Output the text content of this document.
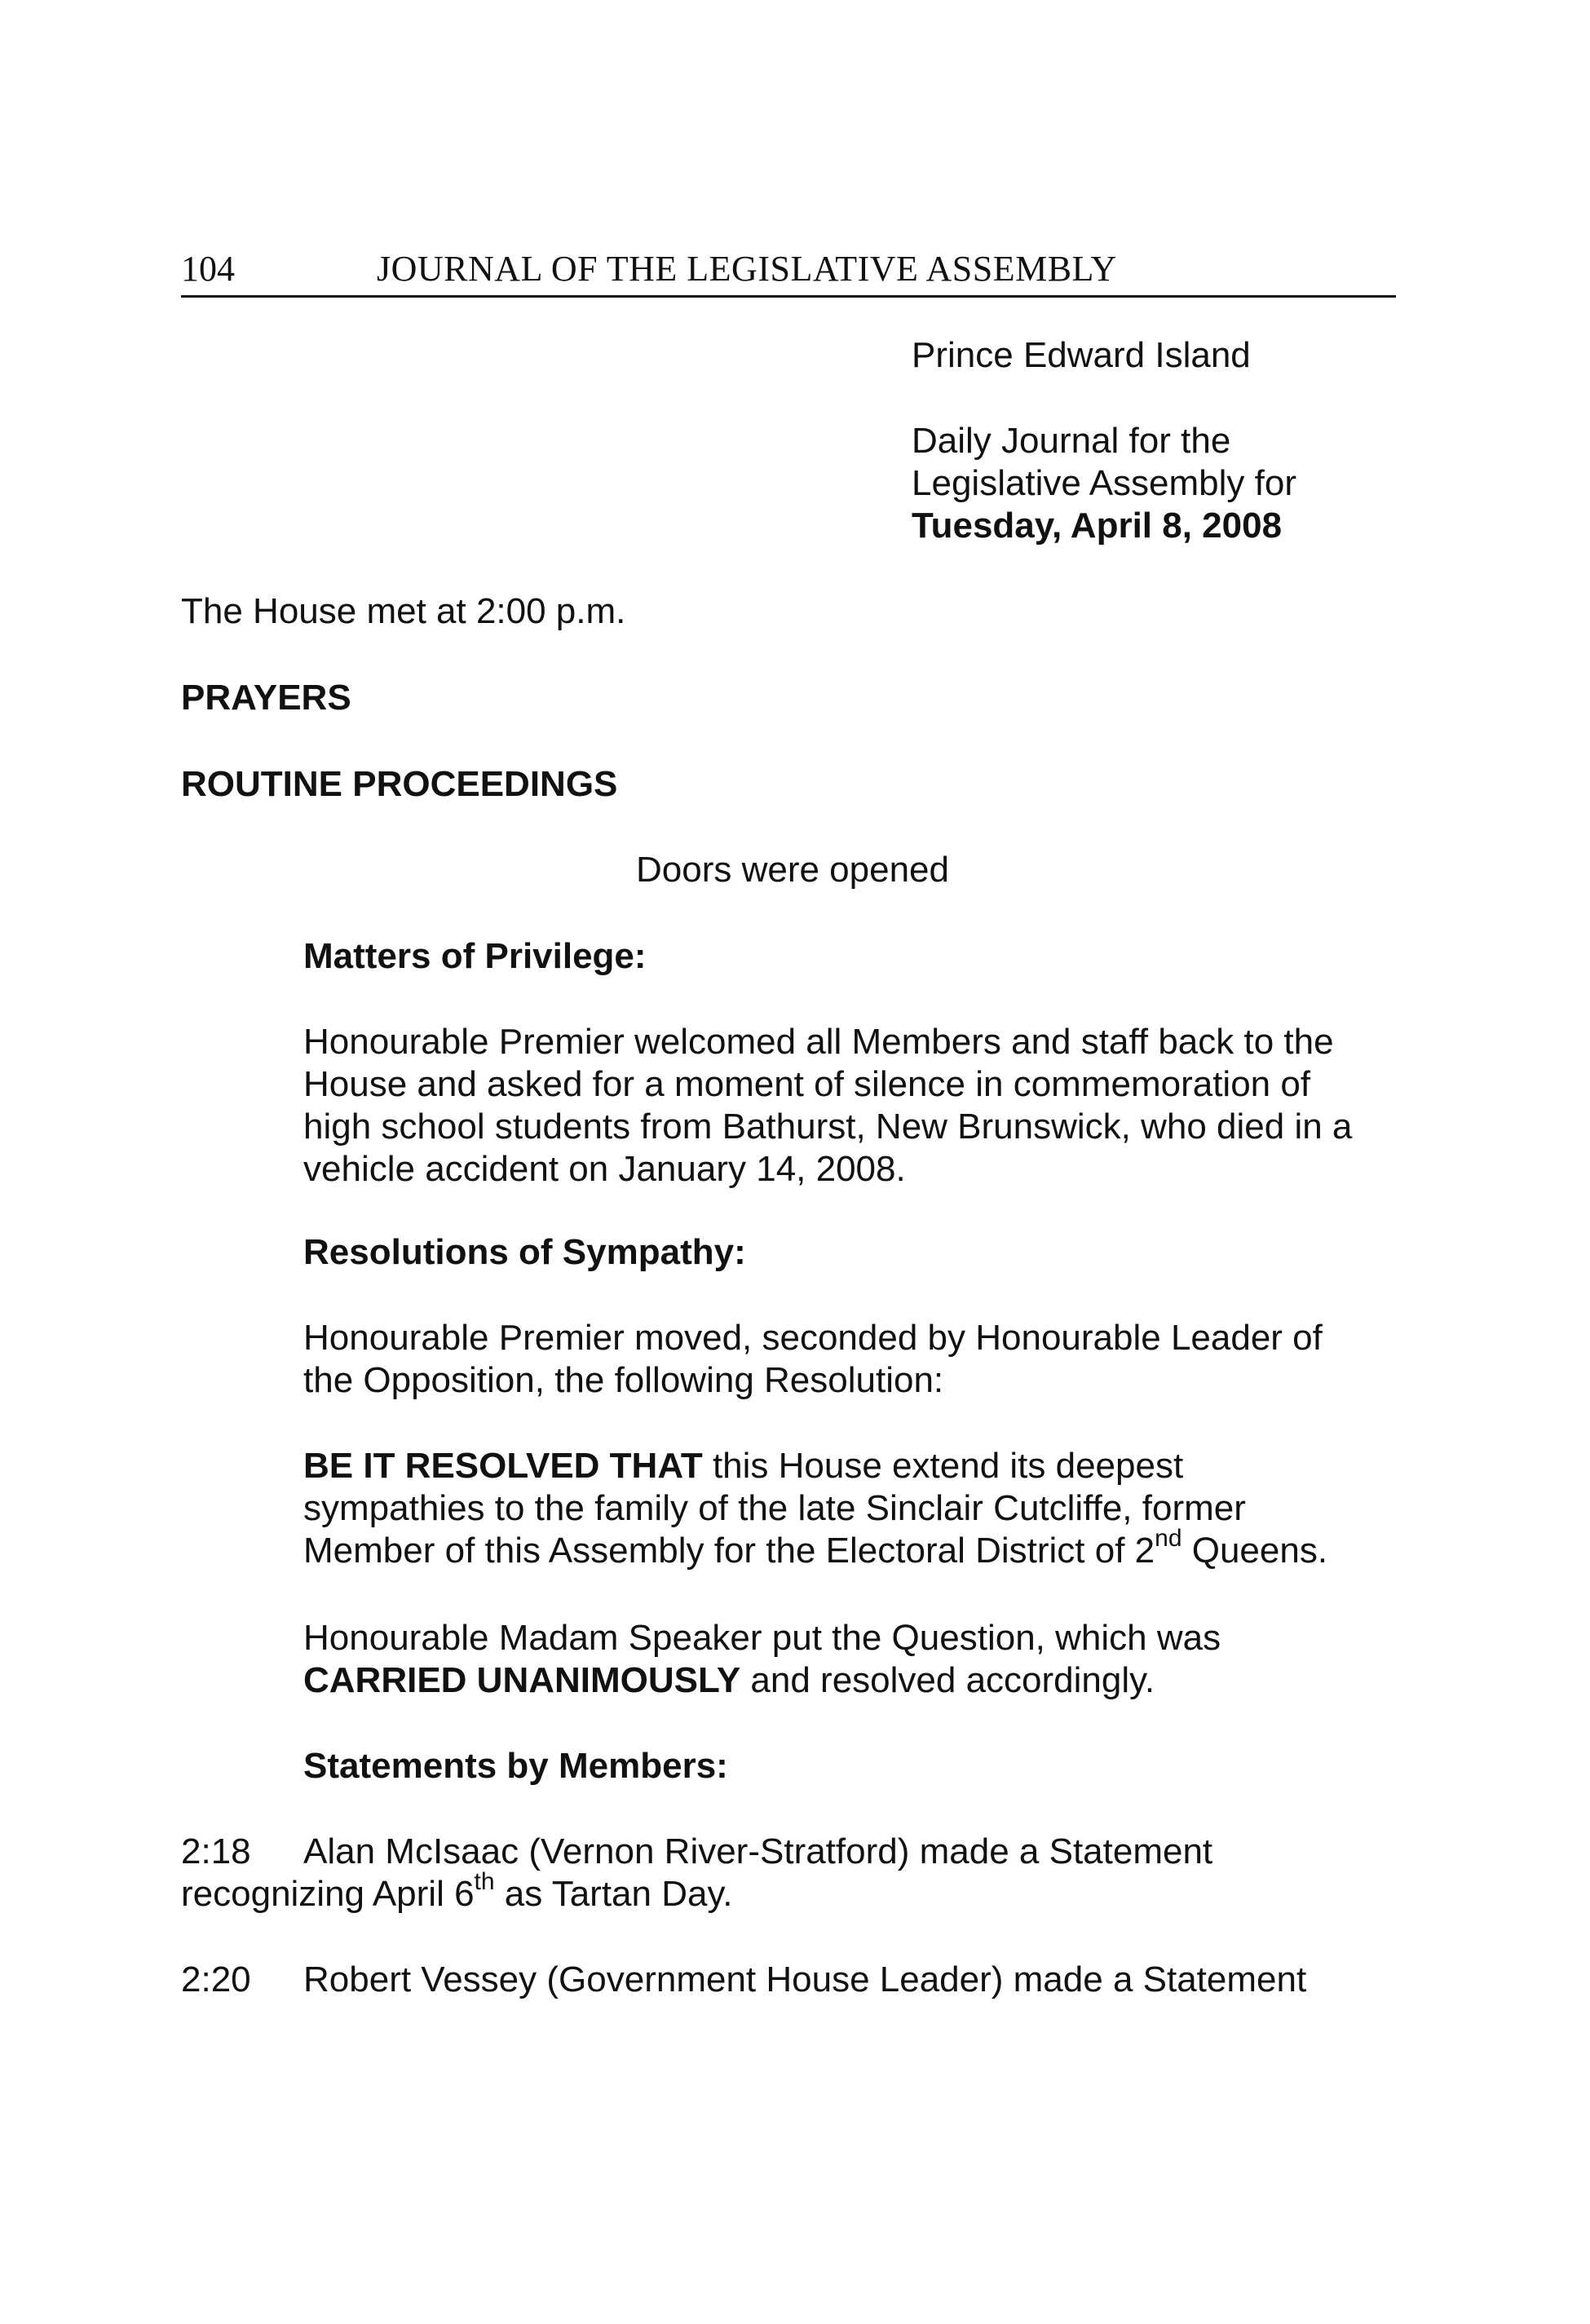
104	JOURNAL OF THE LEGISLATIVE ASSEMBLY

Prince Edward Island

Daily Journal for the
Legislative Assembly for
Tuesday, April 8, 2008

The House met at 2:00 p.m.

PRAYERS

ROUTINE PROCEEDINGS

Doors were opened

Matters of Privilege:

Honourable Premier welcomed all Members and staff back to the
House and asked for a moment of silence in commemoration of
high school students from Bathurst, New Brunswick, who died in a
vehicle accident on January 14, 2008.

Resolutions of Sympathy:

Honourable Premier moved, seconded by Honourable Leader of
the Opposition, the following Resolution:
BE IT RESOLVED THAT this House extend its deepest
sympathies to the family of the late Sinclair Cutcliffe, former
Member of this Assembly for the Electoral District of 2nd Queens.
Honourable Madam Speaker put the Question, which was
CARRIED UNANIMOUSLY and resolved accordingly.

Statements by Members:

2:18 Alan McIsaac (Vernon River-Stratford) made a Statement
recognizing April 6th as Tartan Day.
2:20 Robert Vessey (Government House Leader) made a Statement
